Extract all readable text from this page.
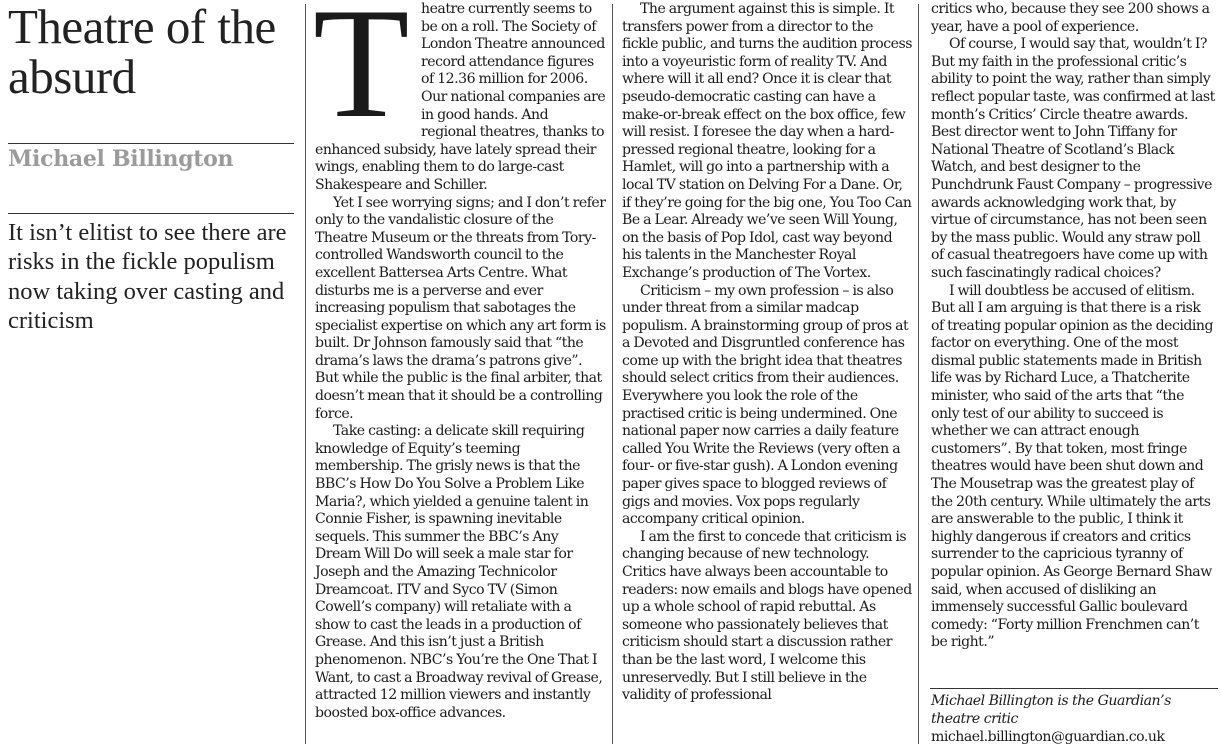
Theatre of the absurd
Michael Billington
It isn’t elitist to see there are risks in the fickle populism now taking over casting and criticism

Theatre currently seems to be on a roll. The Society of London Theatre announced record attendance figures of 12.36 million for 2006. Our national companies are in good hands. And regional theatres, thanks to enhanced subsidy, have lately spread their wings, enabling them to do large-cast Shakespeare and Schiller.

Yet I see worrying signs; and I don’t refer only to the vandalistic closure of the Theatre Museum or the threats from Tory-controlled Wandsworth council to the excellent Battersea Arts Centre. What disturbs me is a perverse and ever increasing populism that sabotages the specialist expertise on which any art form is built. Dr Johnson famously said that “the drama’s laws the drama’s patrons give”. But while the public is the final arbiter, that doesn’t mean that it should be a controlling force.

Take casting: a delicate skill requiring knowledge of Equity’s teeming membership. The grisly news is that the BBC’s How Do You Solve a Problem Like Maria?, which yielded a genuine talent in Connie Fisher, is spawning inevitable sequels. This summer the BBC’s Any Dream Will Do will seek a male star for Joseph and the Amazing Technicolor Dreamcoat. ITV and Syco TV (Simon Cowell’s company) will retaliate with a show to cast the leads in a production of Grease. And this isn’t just a British phenomenon. NBC’s You’re the One That I Want, to cast a Broadway revival of Grease, attracted 12 million viewers and instantly boosted box-office advances.

The argument against this is simple. It transfers power from a director to the fickle public, and turns the audition process into a voyeuristic form of reality TV. And where will it all end? Once it is clear that pseudo-democratic casting can have a make-or-break effect on the box office, few will resist. I foresee the day when a hard-pressed regional theatre, looking for a Hamlet, will go into a partnership with a local TV station on Delving For a Dane. Or, if they’re going for the big one, You Too Can Be a Lear. Already we’ve seen Will Young, on the basis of Pop Idol, cast way beyond his talents in the Manchester Royal Exchange’s production of The Vortex.

Criticism – my own profession – is also under threat from a similar madcap populism. A brainstorming group of pros at a Devoted and Disgruntled conference has come up with the bright idea that theatres should select critics from their audiences. Everywhere you look the role of the practised critic is being undermined. One national paper now carries a daily feature called You Write the Reviews (very often a four- or five-star gush). A London evening paper gives space to blogged reviews of gigs and movies. Vox pops regularly accompany critical opinion.

I am the first to concede that criticism is changing because of new technology. Critics have always been accountable to readers: now emails and blogs have opened up a whole school of rapid rebuttal. As someone who passionately believes that criticism should start a discussion rather than be the last word, I welcome this unreservedly. But I still believe in the validity of professional

critics who, because they see 200 shows a year, have a pool of experience.

Of course, I would say that, wouldn’t I? But my faith in the professional critic’s ability to point the way, rather than simply reflect popular taste, was confirmed at last month’s Critics’ Circle theatre awards. Best director went to John Tiffany for National Theatre of Scotland’s Black Watch, and best designer to the Punchdrunk Faust Company – progressive awards acknowledging work that, by virtue of circumstance, has not been seen by the mass public. Would any straw poll of casual theatregoers have come up with such fascinatingly radical choices?

I will doubtless be accused of elitism. But all I am arguing is that there is a risk of treating popular opinion as the deciding factor on everything. One of the most dismal public statements made in British life was by Richard Luce, a Thatcherite minister, who said of the arts that “the only test of our ability to succeed is whether we can attract enough customers”. By that token, most fringe theatres would have been shut down and The Mousetrap was the greatest play of the 20th century. While ultimately the arts are answerable to the public, I think it highly dangerous if creators and critics surrender to the capricious tyranny of popular opinion. As George Bernard Shaw said, when accused of disliking an immensely successful Gallic boulevard comedy: “Forty million Frenchmen can’t be right.”

Michael Billington is the Guardian’s
theatre critic
michael.billington@guardian.co.uk
